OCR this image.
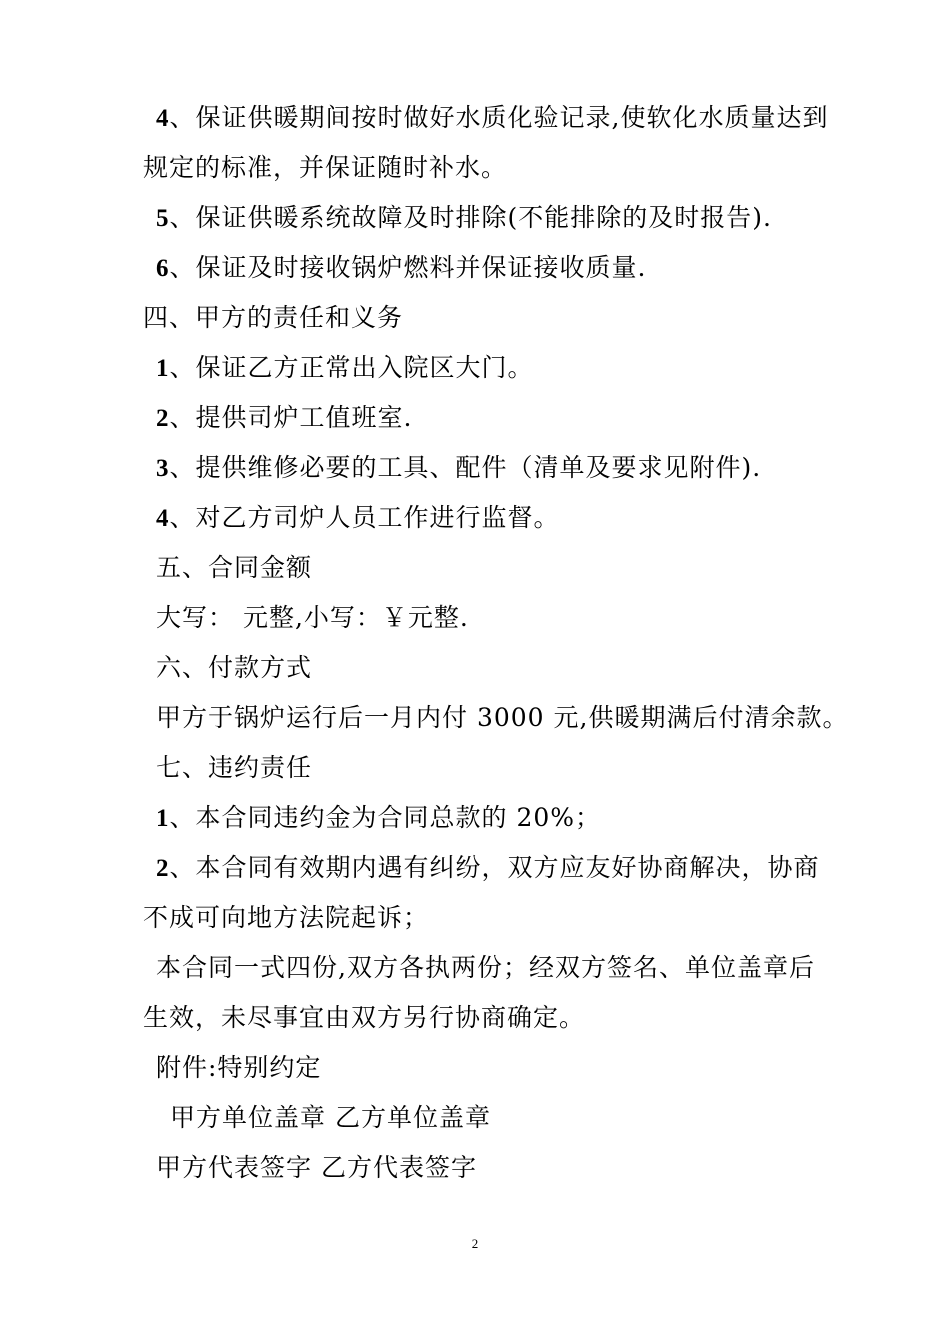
4、保证供暖期间按时做好水质化验记录,使软化水质量达到
规定的标准，并保证随时补水。
5、保证供暖系统故障及时排除(不能排除的及时报告).
6、保证及时接收锅炉燃料并保证接收质量.
四、甲方的责任和义务
1、保证乙方正常出入院区大门。
2、提供司炉工值班室.
3、提供维修必要的工具、配件（清单及要求见附件).
4、对乙方司炉人员工作进行监督。
五、合同金额
大写： 元整,小写：￥元整.
六、付款方式
甲方于锅炉运行后一月内付 3000 元,供暖期满后付清余款。
七、违约责任
1、本合同违约金为合同总款的 20%；
2、本合同有效期内遇有纠纷，双方应友好协商解决，协商
不成可向地方法院起诉；
本合同一式四份,双方各执两份；经双方签名、单位盖章后
生效，未尽事宜由双方另行协商确定。
附件:特别约定
甲方单位盖章 乙方单位盖章
甲方代表签字 乙方代表签字
2
